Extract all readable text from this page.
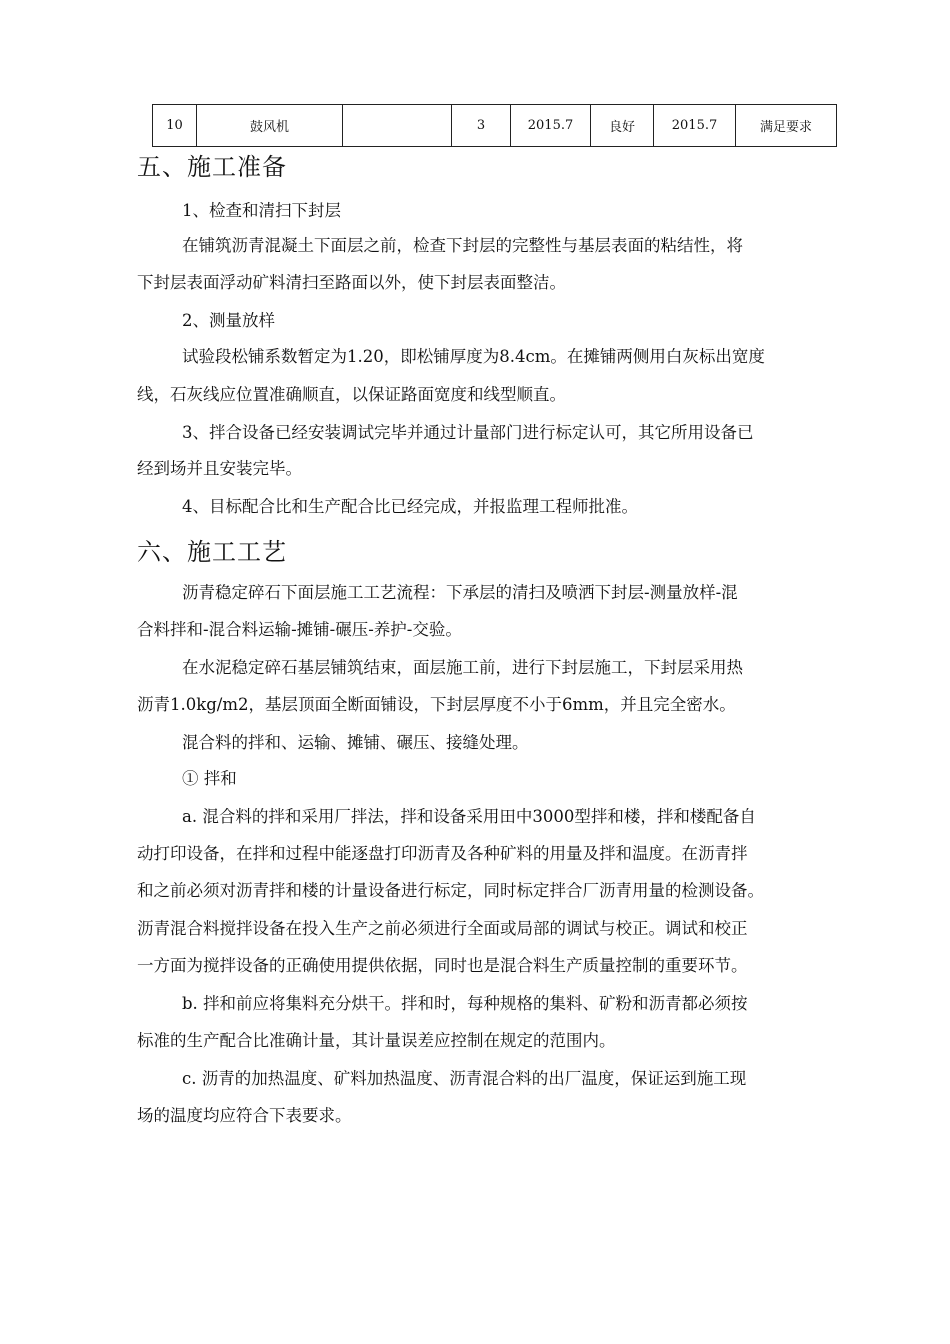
10	鼓风机		3	2015.7	良好	2015.7	满足要求
五、施工准备

1、检查和清扫下封层

在铺筑沥青混凝土下面层之前，检查下封层的完整性与基层表面的粘结性，将

下封层表面浮动矿料清扫至路面以外，使下封层表面整洁。

2、测量放样

试验段松铺系数暂定为1.20，即松铺厚度为8.4cm。在摊铺两侧用白灰标出宽度

线，石灰线应位置准确顺直，以保证路面宽度和线型顺直。

3、拌合设备已经安装调试完毕并通过计量部门进行标定认可，其它所用设备已

经到场并且安装完毕。

4、目标配合比和生产配合比已经完成，并报监理工程师批准。

六、施工工艺

沥青稳定碎石下面层施工工艺流程：下承层的清扫及喷洒下封层-测量放样-混

合料拌和-混合料运输-摊铺-碾压-养护-交验。

在水泥稳定碎石基层铺筑结束，面层施工前，进行下封层施工，下封层采用热

沥青1.0kg/m2，基层顶面全断面铺设，下封层厚度不小于6mm，并且完全密水。

混合料的拌和、运输、摊铺、碾压、接缝处理。

① 拌和

a. 混合料的拌和采用厂拌法，拌和设备采用田中3000型拌和楼，拌和楼配备自

动打印设备，在拌和过程中能逐盘打印沥青及各种矿料的用量及拌和温度。在沥青拌

和之前必须对沥青拌和楼的计量设备进行标定，同时标定拌合厂沥青用量的检测设备。

沥青混合料搅拌设备在投入生产之前必须进行全面或局部的调试与校正。调试和校正

一方面为搅拌设备的正确使用提供依据，同时也是混合料生产质量控制的重要环节。

b. 拌和前应将集料充分烘干。拌和时，每种规格的集料、矿粉和沥青都必须按

标准的生产配合比准确计量，其计量误差应控制在规定的范围内。

c. 沥青的加热温度、矿料加热温度、沥青混合料的出厂温度，保证运到施工现

场的温度均应符合下表要求。
